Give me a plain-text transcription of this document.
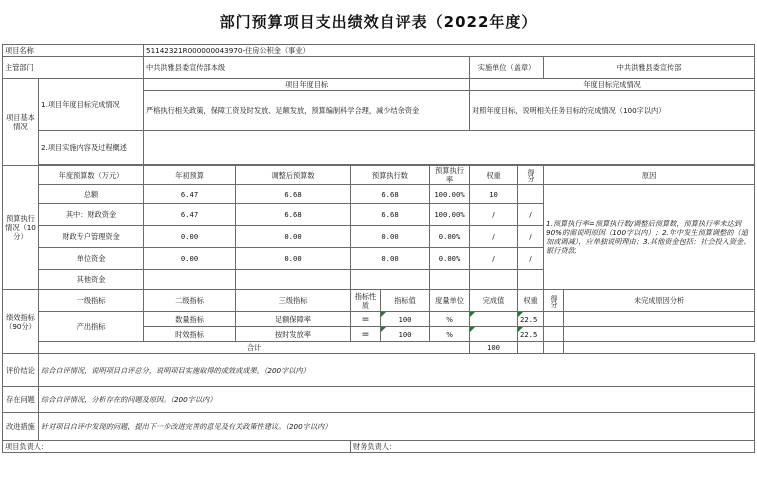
部门预算项目支出绩效自评表（2022年度）
项目名称		51142321R000000043970-住房公积金（事业）								
主管部门		中共洪雅县委宣传部本级					实施单位（盖章）		中共洪雅县委宣传部	
项目基本情况	1.项目年度目标完成情况	项目年度目标					年度目标完成情况			
		严格执行相关政策，保障工资及时发放、足额发放，预算编制科学合理，减少结余资金					对照年度目标，说明相关任务目标的完成情况（100字以内）			
	2.项目实施内容及过程概述									

预算执行情况（10分）	年度预算数（万元）	年初预算	调整后预算数	预算执行数		预算执行率	权重	得分	原因	
	总额	6.47	6.68	6.68		100.00%	10		1.预算执行率=预算执行数/调整后预算数，预算执行率未达到90%的需说明原因（100字以内）；2.年中发生预算调整的（追加或调减），应单独说明理由；3.其他资金包括：社会投入资金、银行贷款.	
	其中：财政资金	6.47	6.68	6.68		100.00%	/	/		
	财政专户管理资金	0.00	0.00	0.00		0.00%	/	/		
	单位资金	0.00	0.00	0.00		0.00%	/	/		
	其他资金									
绩效指标（90分）	一级指标	二级指标	三级指标	指标性质	指标值	度量单位	完成值	权重	得分	未完成原因分析
	产出指标	数量指标	足额保障率	=	100	%		22.5		
		时效指标	按时发放率	=	100	%		22.5		
	合计						100			
评价结论	综合自评情况，说明项目自评总分，说明项目实施取得的成效或成果。（200字以内）									
存在问题	综合自评情况，分析存在的问题及原因。（200字以内）									
改进措施	针对项目自评中发现的问题，提出下一步改进完善的意见及有关政策性建议。（200字以内）									
项目负责人：				财务负责人：						
